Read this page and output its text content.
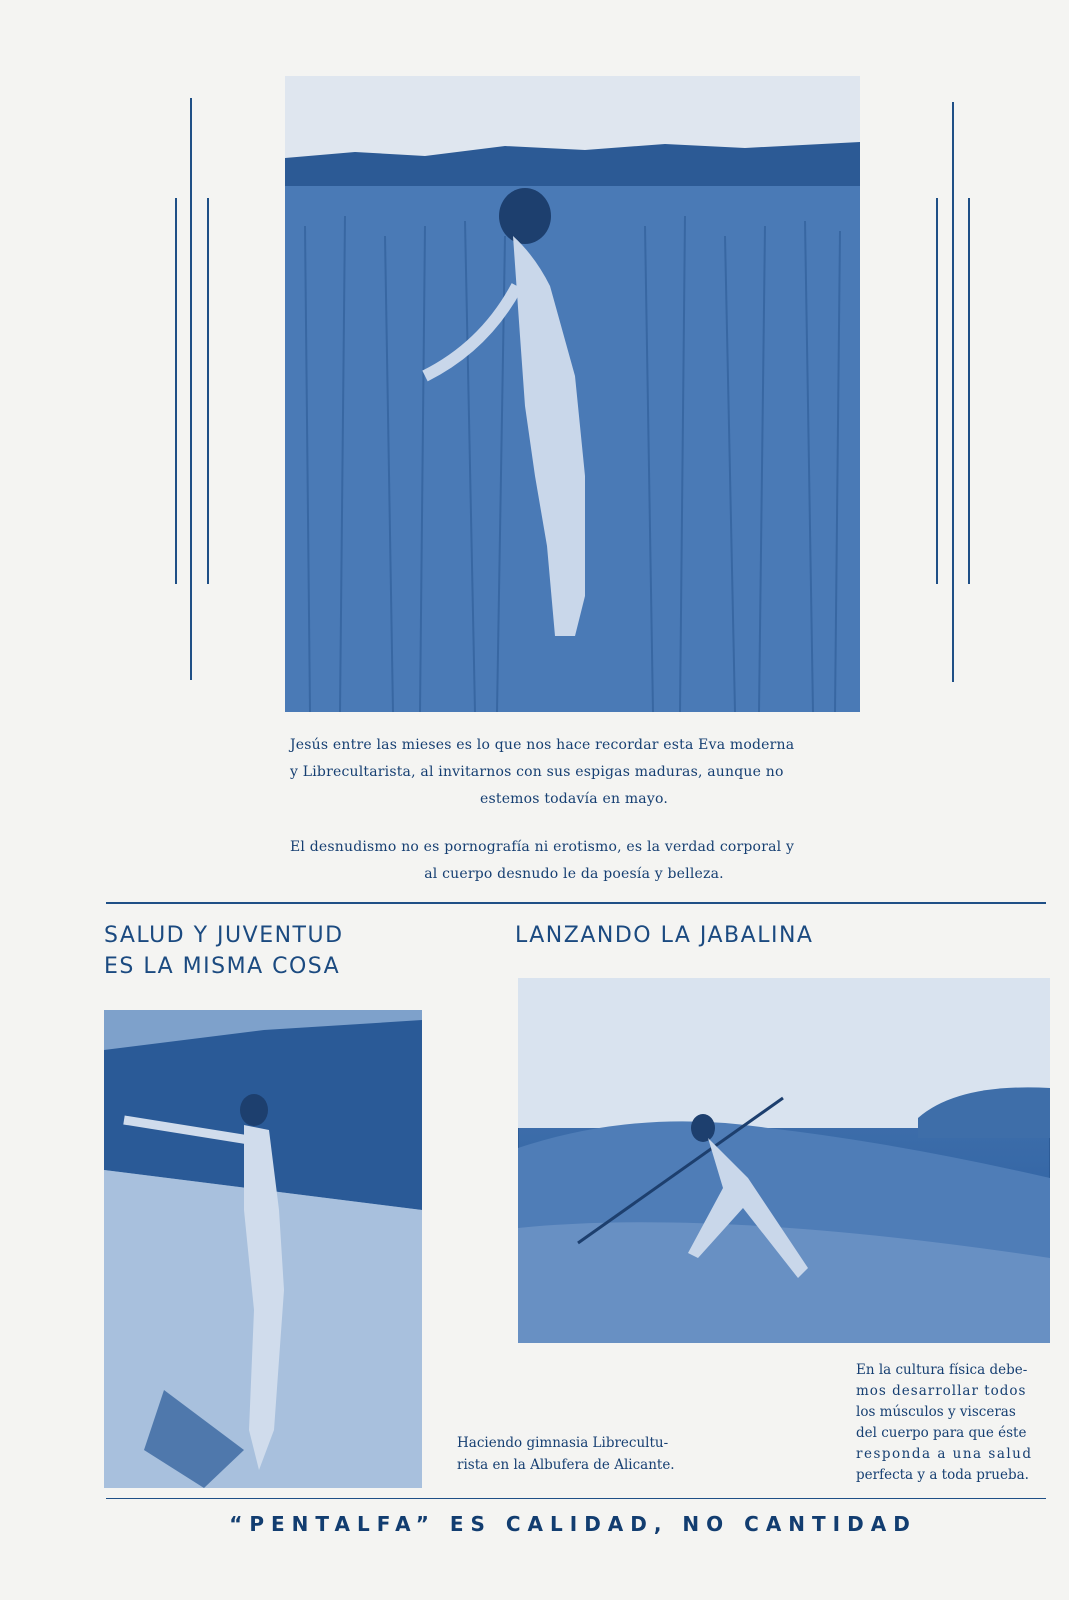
Jesús entre las mieses es lo que nos hace recordar esta Eva moderna
y Librecultarista, al invitarnos con sus espigas maduras, aunque no
estemos todavía en mayo.
El desnudismo no es pornografía ni erotismo, es la verdad corporal y
al cuerpo desnudo le da poesía y belleza.
SALUD Y JUVENTUD
ES LA MISMA COSA
LANZANDO LA JABALINA
Haciendo gimnasia Librecultu-
rista en la Albufera de Alicante.
En la cultura física debe-
mos desarrollar todos
los músculos y visceras
del cuerpo para que éste
responda a una salud
perfecta y a toda prueba.
“PENTALFA” ES CALIDAD, NO CANTIDAD
